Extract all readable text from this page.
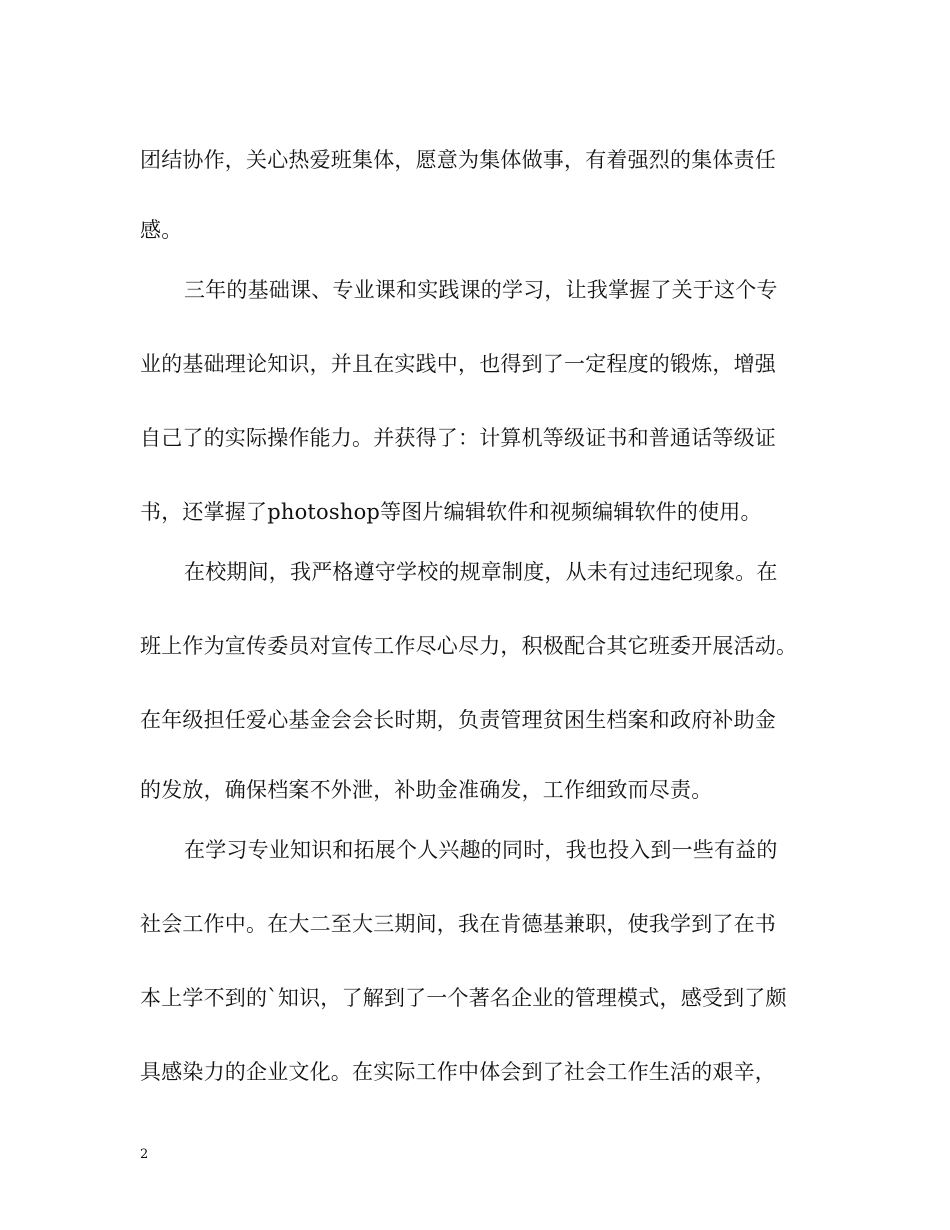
团结协作，关心热爱班集体，愿意为集体做事，有着强烈的集体责任
感。
三年的基础课、专业课和实践课的学习，让我掌握了关于这个专
业的基础理论知识，并且在实践中，也得到了一定程度的锻炼，增强
自己了的实际操作能力。并获得了：计算机等级证书和普通话等级证
书，还掌握了photoshop等图片编辑软件和视频编辑软件的使用。
在校期间，我严格遵守学校的规章制度，从未有过违纪现象。在
班上作为宣传委员对宣传工作尽心尽力，积极配合其它班委开展活动。
在年级担任爱心基金会会长时期，负责管理贫困生档案和政府补助金
的发放，确保档案不外泄，补助金准确发，工作细致而尽责。
在学习专业知识和拓展个人兴趣的同时，我也投入到一些有益的
社会工作中。在大二至大三期间，我在肯德基兼职，使我学到了在书
本上学不到的`知识，了解到了一个著名企业的管理模式，感受到了颇
具感染力的企业文化。在实际工作中体会到了社会工作生活的艰辛，
2
